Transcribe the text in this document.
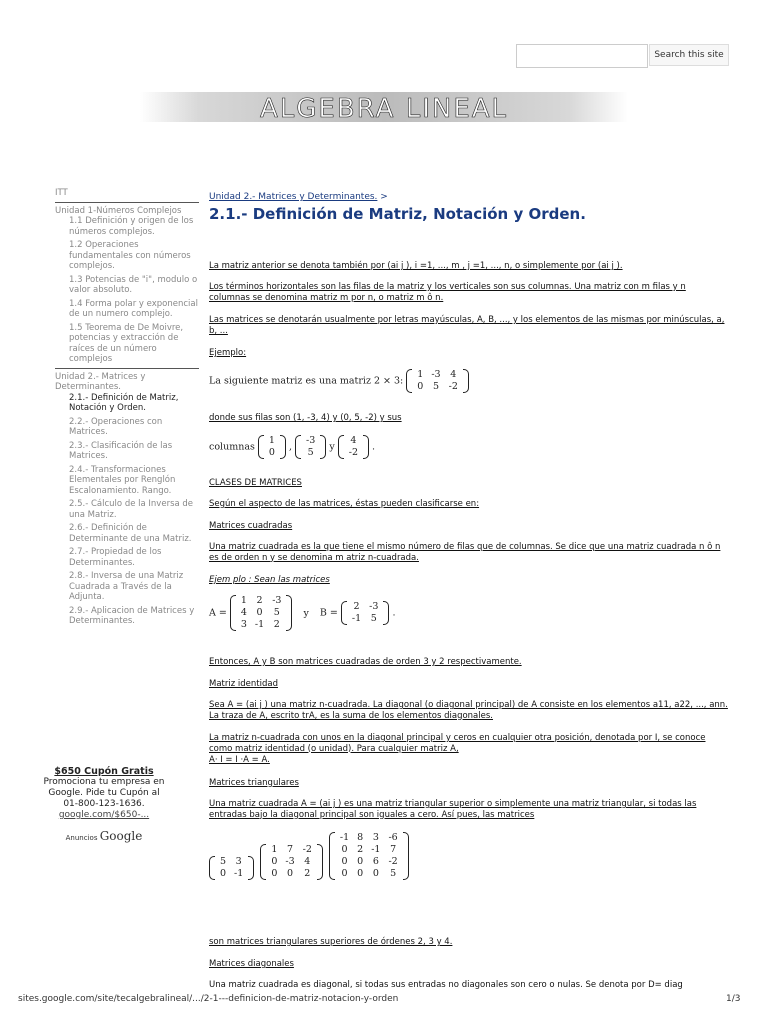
Search this site
ALGEBRA LINEAL
ITT
Unidad 1-Números Complejos
1.1 Definición y origen de los números complejos.
1.2 Operaciones fundamentales con números complejos.
1.3 Potencias de "i", modulo o valor absoluto.
1.4 Forma polar y exponencial de un numero complejo.
1.5 Teorema de De Moivre, potencias y extracción de raíces de un número complejos
Unidad 2.- Matrices y Determinantes.
2.1.- Definición de Matriz, Notación y Orden.
2.2.- Operaciones con Matrices.
2.3.- Clasificación de las Matrices.
2.4.- Transformaciones Elementales por Renglón Escalonamiento. Rango.
2.5.- Cálculo de la Inversa de una Matriz.
2.6.- Definición de Determinante de una Matriz.
2.7.- Propiedad de los Determinantes.
2.8.- Inversa de una Matriz Cuadrada a Través de la Adjunta.
2.9.- Aplicacion de Matrices y Determinantes.
$650 Cupón Gratis
Promociona tu empresa en Google. Pide tu Cupón al 01-800-123-1636.
google.com/$650-...
Anuncios Google
Unidad 2.- Matrices y Determinantes. >
2.1.- Definición de Matriz, Notación y Orden.
La matriz anterior se denota también por (ai j ), i =1, ..., m , j =1, ..., n, o simplemente por (ai j ).
Los términos horizontales son las filas de la matriz y los verticales son sus columnas. Una matriz con m filas y n columnas se denomina matriz m por n, o matriz m ô n.
Las matrices se denotarán usualmente por letras mayúsculas, A, B, ..., y los elementos de las mismas por minúsculas, a, b, ...
Ejemplo:
La siguiente matriz es una matriz 2 × 3:
1	-3	4
0	5	-2
donde sus filas son (1, -3, 4) y (0, 5, -2) y sus
columnas
1
0 ,
-3
5 y
4
-2 .
CLASES DE MATRICES
Según el aspecto de las matrices, éstas pueden clasificarse en:
Matrices cuadradas
Una matriz cuadrada es la que tiene el mismo número de filas que de columnas. Se dice que una matriz cuadrada n ô n es de orden n y se denomina m atriz n-cuadrada.
Ejem plo : Sean las matrices
A =
1	2	-3
4	0	5
3	-1	2
y B =
2	-3
-1	5 .
Entonces, A y B son matrices cuadradas de orden 3 y 2 respectivamente.
Matriz identidad
Sea A = (ai j ) una matriz n-cuadrada. La diagonal (o diagonal principal) de A consiste en los elementos a11, a22, ..., ann. La traza de A, escrito trA, es la suma de los elementos diagonales.
La matriz n-cuadrada con unos en la diagonal principal y ceros en cualquier otra posición, denotada por I, se conoce como matriz identidad (o unidad). Para cualquier matriz A,
A· I = I ·A = A.
Matrices triangulares
Una matriz cuadrada A = (ai j ) es una matriz triangular superior o simplemente una matriz triangular, si todas las entradas bajo la diagonal principal son iguales a cero. Así pues, las matrices
5	3
0	-1
1	7	-2
0	-3	4
0	0	2
-1	8	3	-6
0	2	-1	7
0	0	6	-2
0	0	0	5
son matrices triangulares superiores de órdenes 2, 3 y 4.
Matrices diagonales
Una matriz cuadrada es diagonal, si todas sus entradas no diagonales son cero o nulas. Se denota por D= diag
sites.google.com/site/tecalgebralineal/.../2-1---definicion-de-matriz-notacion-y-orden	1/3
